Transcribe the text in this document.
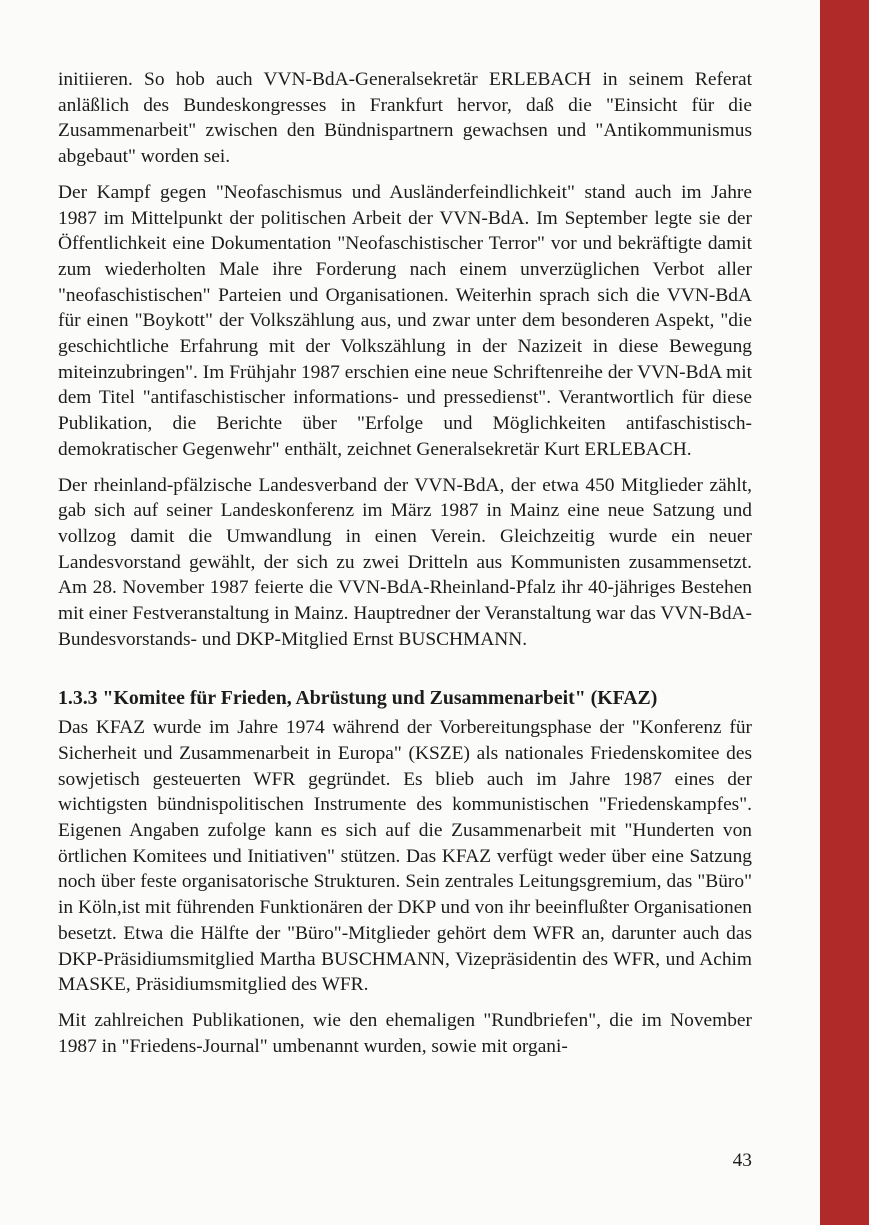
initiieren. So hob auch VVN-BdA-Generalsekretär ERLEBACH in seinem Referat anläßlich des Bundeskongresses in Frankfurt hervor, daß die "Einsicht für die Zusammenarbeit" zwischen den Bündnispartnern gewachsen und "Antikommunismus abgebaut" worden sei.

Der Kampf gegen "Neofaschismus und Ausländerfeindlichkeit" stand auch im Jahre 1987 im Mittelpunkt der politischen Arbeit der VVN-BdA. Im September legte sie der Öffentlichkeit eine Dokumentation "Neofaschistischer Terror" vor und bekräftigte damit zum wiederholten Male ihre Forderung nach einem unverzüglichen Verbot aller "neofaschistischen" Parteien und Organisationen. Weiterhin sprach sich die VVN-BdA für einen "Boykott" der Volkszählung aus, und zwar unter dem besonderen Aspekt, "die geschichtliche Erfahrung mit der Volkszählung in der Nazizeit in diese Bewegung miteinzubringen". Im Frühjahr 1987 erschien eine neue Schriftenreihe der VVN-BdA mit dem Titel "antifaschistischer informations- und pressedienst". Verantwortlich für diese Publikation, die Berichte über "Erfolge und Möglichkeiten antifaschistisch-demokratischer Gegenwehr" enthält, zeichnet Generalsekretär Kurt ERLEBACH.

Der rheinland-pfälzische Landesverband der VVN-BdA, der etwa 450 Mitglieder zählt, gab sich auf seiner Landeskonferenz im März 1987 in Mainz eine neue Satzung und vollzog damit die Umwandlung in einen Verein. Gleichzeitig wurde ein neuer Landesvorstand gewählt, der sich zu zwei Dritteln aus Kommunisten zusammensetzt. Am 28. November 1987 feierte die VVN-BdA-Rheinland-Pfalz ihr 40-jähriges Bestehen mit einer Festveranstaltung in Mainz. Hauptredner der Veranstaltung war das VVN-BdA-Bundesvorstands- und DKP-Mitglied Ernst BUSCHMANN.

1.3.3 "Komitee für Frieden, Abrüstung und Zusammenarbeit" (KFAZ)

Das KFAZ wurde im Jahre 1974 während der Vorbereitungsphase der "Konferenz für Sicherheit und Zusammenarbeit in Europa" (KSZE) als nationales Friedenskomitee des sowjetisch gesteuerten WFR gegründet. Es blieb auch im Jahre 1987 eines der wichtigsten bündnispolitischen Instrumente des kommunistischen "Friedenskampfes". Eigenen Angaben zufolge kann es sich auf die Zusammenarbeit mit "Hunderten von örtlichen Komitees und Initiativen" stützen. Das KFAZ verfügt weder über eine Satzung noch über feste organisatorische Strukturen. Sein zentrales Leitungsgremium, das "Büro" in Köln,ist mit führenden Funktionären der DKP und von ihr beeinflußter Organisationen besetzt. Etwa die Hälfte der "Büro"-Mitglieder gehört dem WFR an, darunter auch das DKP-Präsidiumsmitglied Martha BUSCHMANN, Vizepräsidentin des WFR, und Achim MASKE, Präsidiumsmitglied des WFR.

Mit zahlreichen Publikationen, wie den ehemaligen "Rundbriefen", die im November 1987 in "Friedens-Journal" umbenannt wurden, sowie mit organi-

43
